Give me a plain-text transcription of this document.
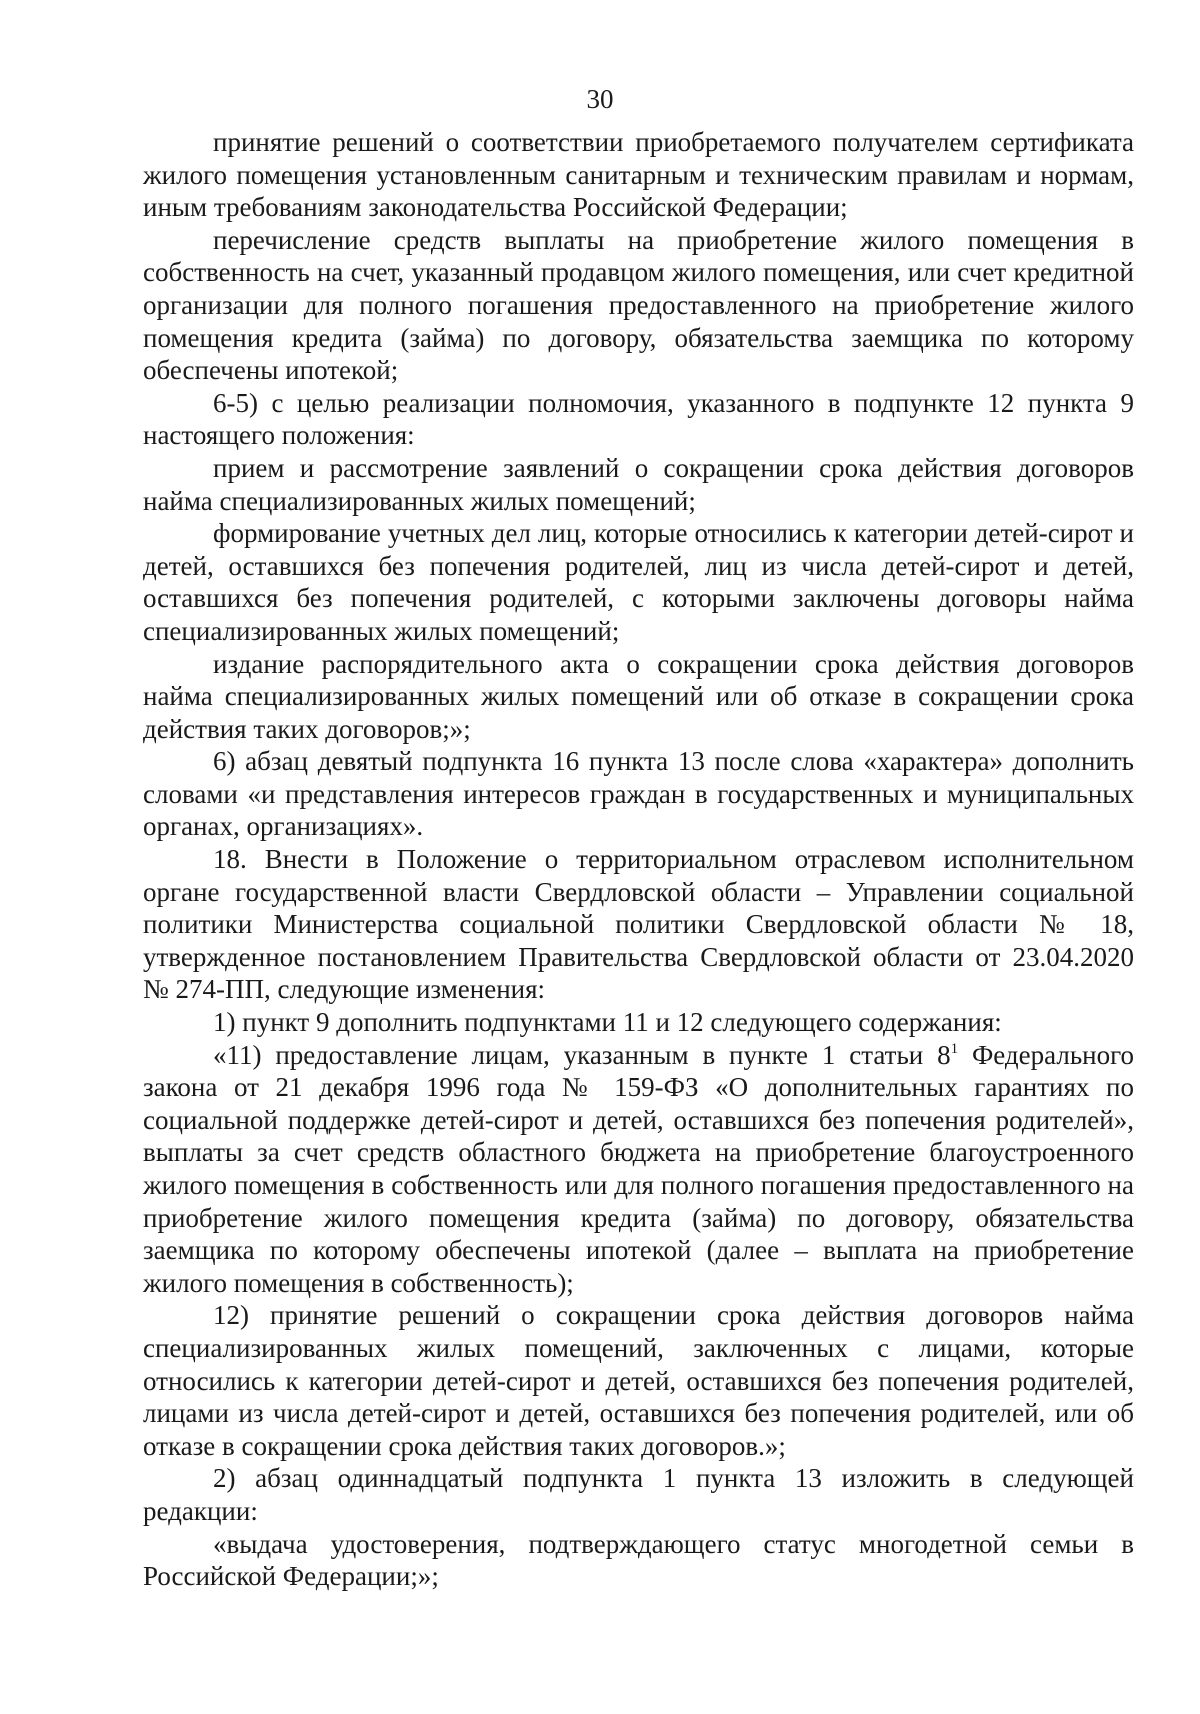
30

принятие решений о соответствии приобретаемого получателем сертификата жилого помещения установленным санитарным и техническим правилам и нормам, иным требованиям законодательства Российской Федерации;

перечисление средств выплаты на приобретение жилого помещения в собственность на счет, указанный продавцом жилого помещения, или счет кредитной организации для полного погашения предоставленного на приобретение жилого помещения кредита (займа) по договору, обязательства заемщика по которому обеспечены ипотекой;

6-5) с целью реализации полномочия, указанного в подпункте 12 пункта 9 настоящего положения:

прием и рассмотрение заявлений о сокращении срока действия договоров найма специализированных жилых помещений;

формирование учетных дел лиц, которые относились к категории детей-сирот и детей, оставшихся без попечения родителей, лиц из числа детей-сирот и детей, оставшихся без попечения родителей, с которыми заключены договоры найма специализированных жилых помещений;

издание распорядительного акта о сокращении срока действия договоров найма специализированных жилых помещений или об отказе в сокращении срока действия таких договоров;»;

6) абзац девятый подпункта 16 пункта 13 после слова «характера» дополнить словами «и представления интересов граждан в государственных и муниципальных органах, организациях».

18. Внести в Положение о территориальном отраслевом исполнительном органе государственной власти Свердловской области – Управлении социальной политики Министерства социальной политики Свердловской области № 18, утвержденное постановлением Правительства Свердловской области от 23.04.2020 № 274-ПП, следующие изменения:

1) пункт 9 дополнить подпунктами 11 и 12 следующего содержания:

«11) предоставление лицам, указанным в пункте 1 статьи $8^1$ Федерального закона от 21 декабря 1996 года № 159-ФЗ «О дополнительных гарантиях по социальной поддержке детей-сирот и детей, оставшихся без попечения родителей», выплаты за счет средств областного бюджета на приобретение благоустроенного жилого помещения в собственность или для полного погашения предоставленного на приобретение жилого помещения кредита (займа) по договору, обязательства заемщика по которому обеспечены ипотекой (далее – выплата на приобретение жилого помещения в собственность);

12) принятие решений о сокращении срока действия договоров найма специализированных жилых помещений, заключенных с лицами, которые относились к категории детей-сирот и детей, оставшихся без попечения родителей, лицами из числа детей-сирот и детей, оставшихся без попечения родителей, или об отказе в сокращении срока действия таких договоров.»;

2) абзац одиннадцатый подпункта 1 пункта 13 изложить в следующей редакции:

«выдача удостоверения, подтверждающего статус многодетной семьи в Российской Федерации;»;
